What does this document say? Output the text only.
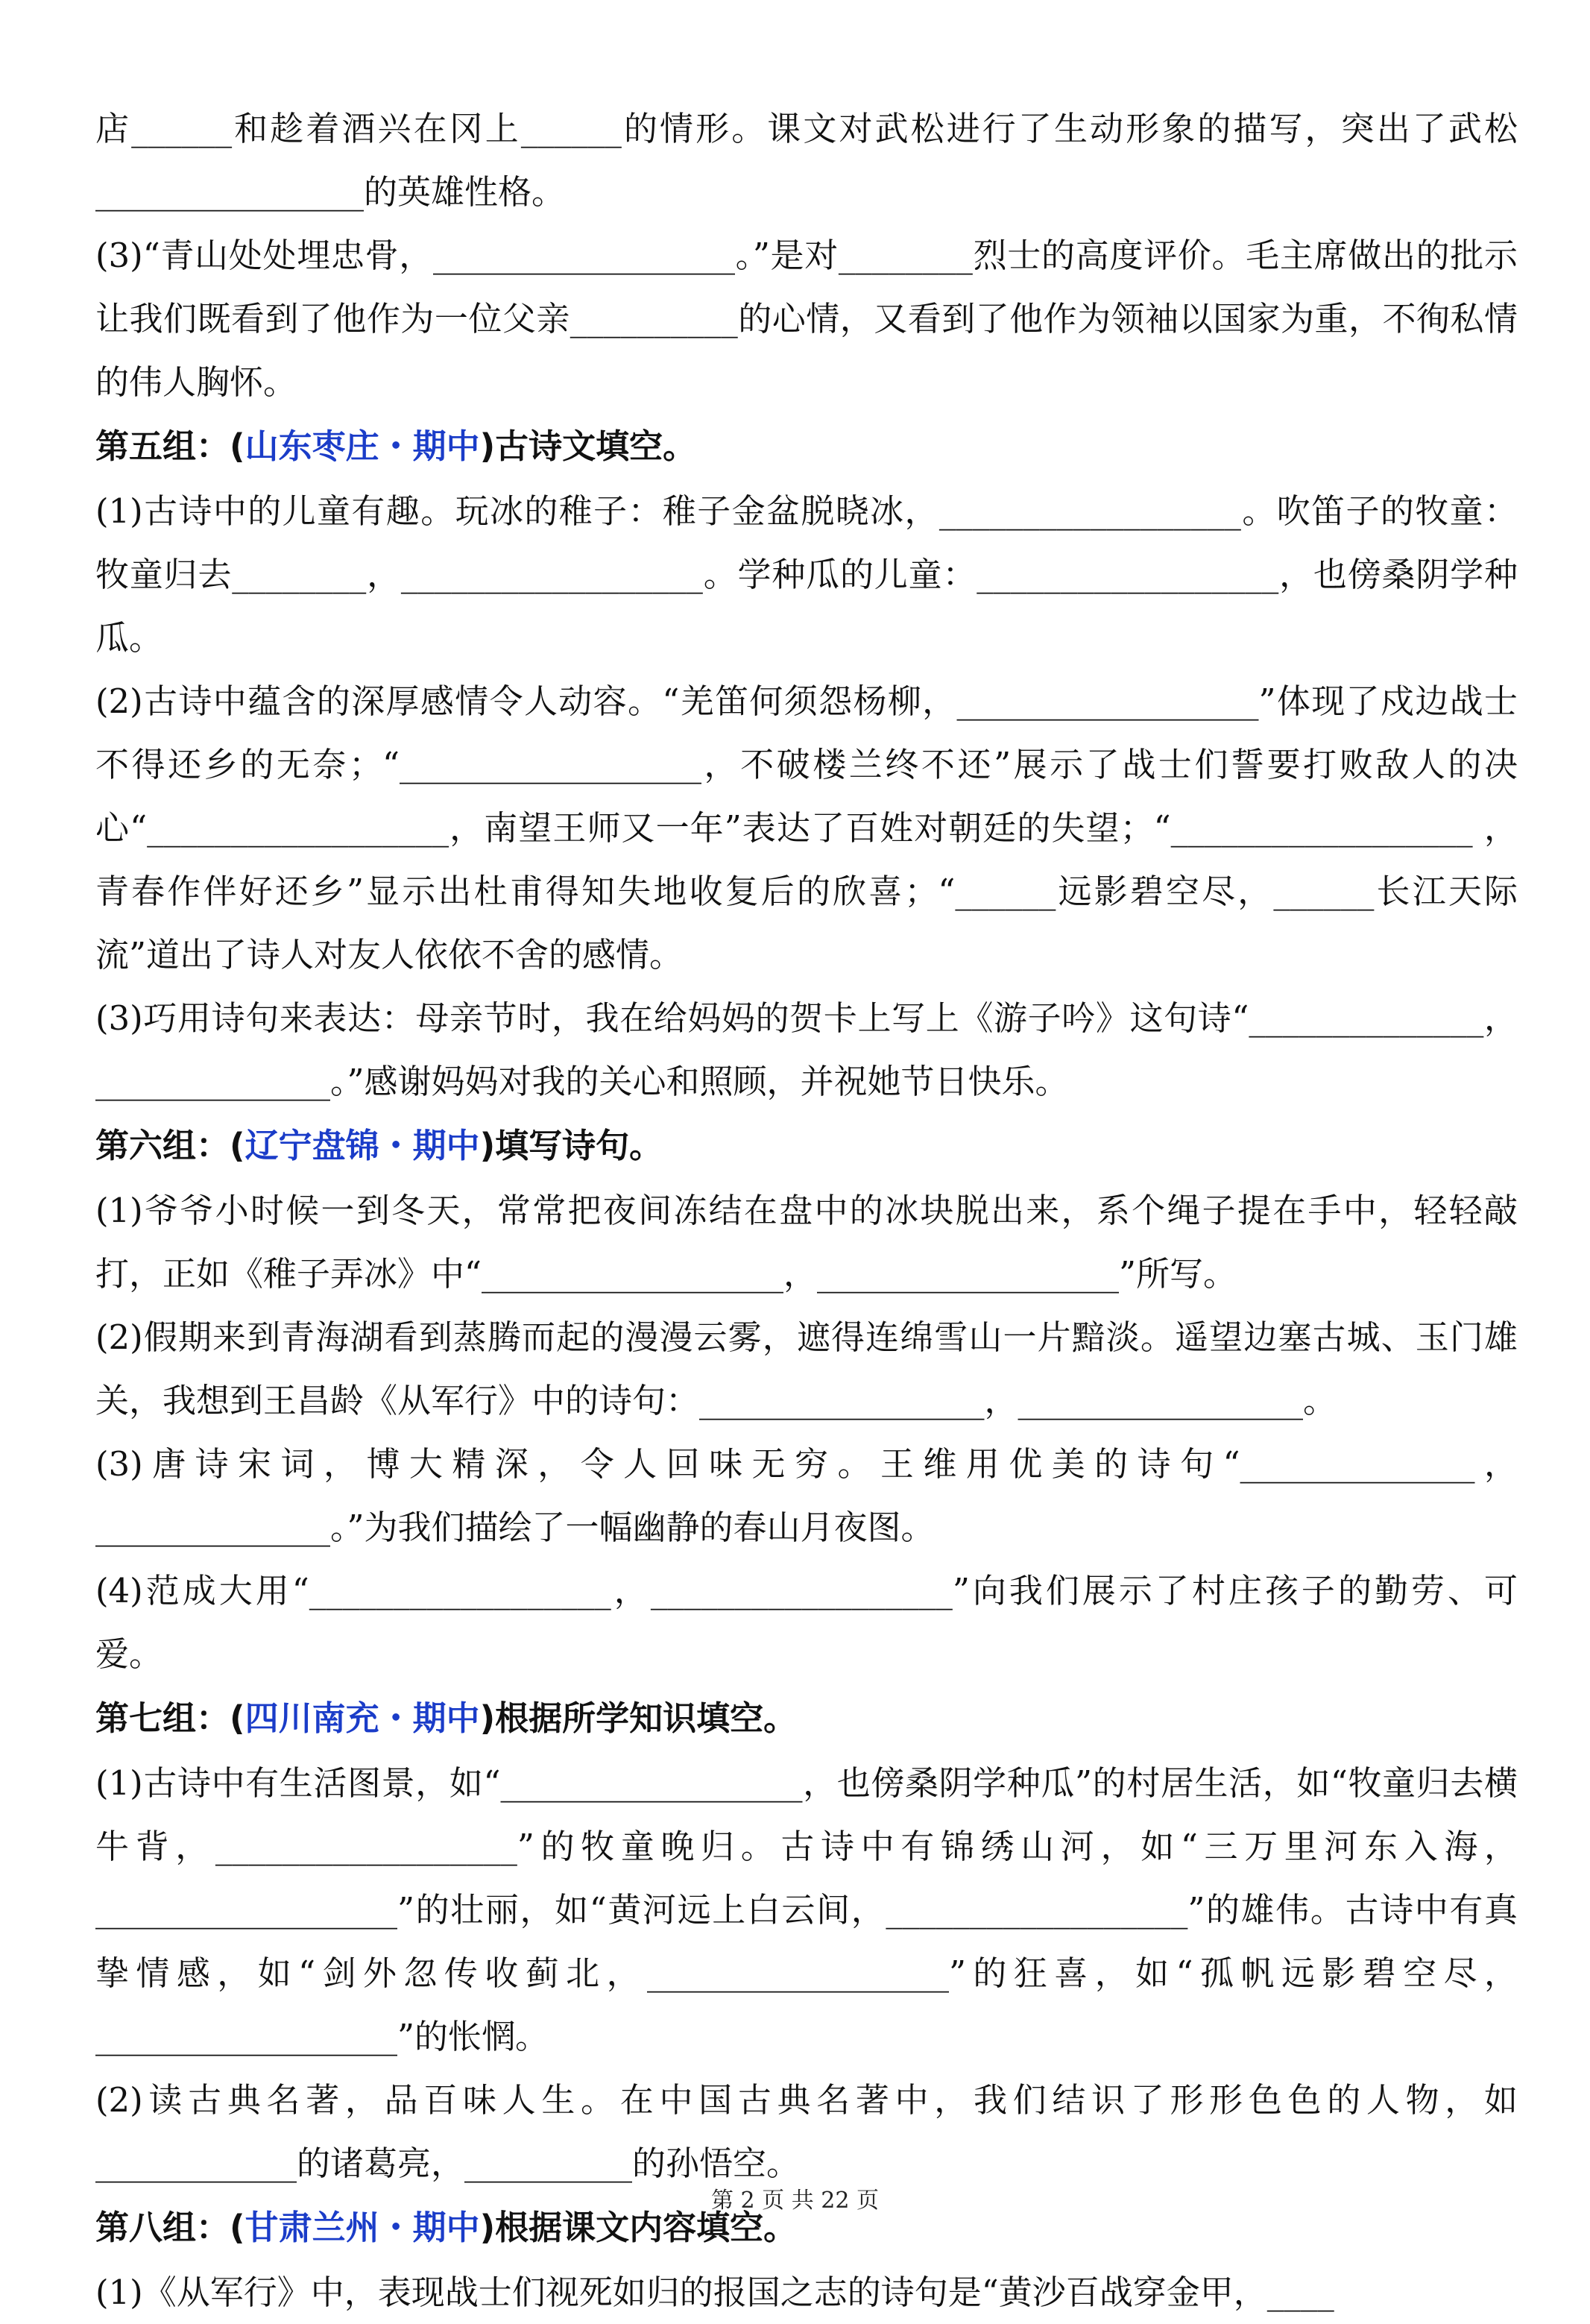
店______和趁着酒兴在冈上______的情形。课文对武松进行了生动形象的描写，突出了武松________________的英雄性格。

(3)“青山处处埋忠骨，__________________。”是对________烈士的高度评价。毛主席做出的批示让我们既看到了他作为一位父亲__________的心情，又看到了他作为领袖以国家为重，不徇私情的伟人胸怀。

第五组：(山东枣庄・期中)古诗文填空。

(1)古诗中的儿童有趣。玩冰的稚子：稚子金盆脱晓冰，__________________。吹笛子的牧童：牧童归去________，__________________。学种瓜的儿童：__________________，也傍桑阴学种瓜。

(2)古诗中蕴含的深厚感情令人动容。“羌笛何须怨杨柳，__________________”体现了戍边战士不得还乡的无奈；“__________________，不破楼兰终不还”展示了战士们誓要打败敌人的决心“__________________，南望王师又一年”表达了百姓对朝廷的失望；“__________________ ，青春作伴好还乡”显示出杜甫得知失地收复后的欣喜；“______远影碧空尽，______长江天际流”道出了诗人对友人依依不舍的感情。

(3)巧用诗句来表达：母亲节时，我在给妈妈的贺卡上写上《游子吟》这句诗“______________，______________。”感谢妈妈对我的关心和照顾，并祝她节日快乐。

第六组：(辽宁盘锦・期中)填写诗句。

(1)爷爷小时候一到冬天，常常把夜间冻结在盘中的冰块脱出来，系个绳子提在手中，轻轻敲打，正如《稚子弄冰》中“__________________，__________________”所写。

(2)假期来到青海湖看到蒸腾而起的漫漫云雾，遮得连绵雪山一片黯淡。遥望边塞古城、玉门雄关，我想到王昌龄《从军行》中的诗句：_________________，_________________。

(3)唐诗宋词，博大精深，令人回味无穷。王维用优美的诗句“______________，______________。”为我们描绘了一幅幽静的春山月夜图。

(4)范成大用“__________________，__________________”向我们展示了村庄孩子的勤劳、可爱。

第七组：(四川南充・期中)根据所学知识填空。

(1)古诗中有生活图景，如“__________________，也傍桑阴学种瓜”的村居生活，如“牧童归去横牛背，__________________”的牧童晚归。古诗中有锦绣山河，如“三万里河东入海，__________________”的壮丽，如“黄河远上白云间，__________________”的雄伟。古诗中有真挚情感，如“剑外忽传收蓟北，__________________”的狂喜，如“孤帆远影碧空尽，__________________”的怅惘。

(2)读古典名著，品百味人生。在中国古典名著中，我们结识了形形色色的人物，如____________的诸葛亮，__________的孙悟空。

第八组：(甘肃兰州・期中)根据课文内容填空。

(1)《从军行》中，表现战士们视死如归的报国之志的诗句是“黄沙百战穿金甲，____

第 2 页 共 22 页
